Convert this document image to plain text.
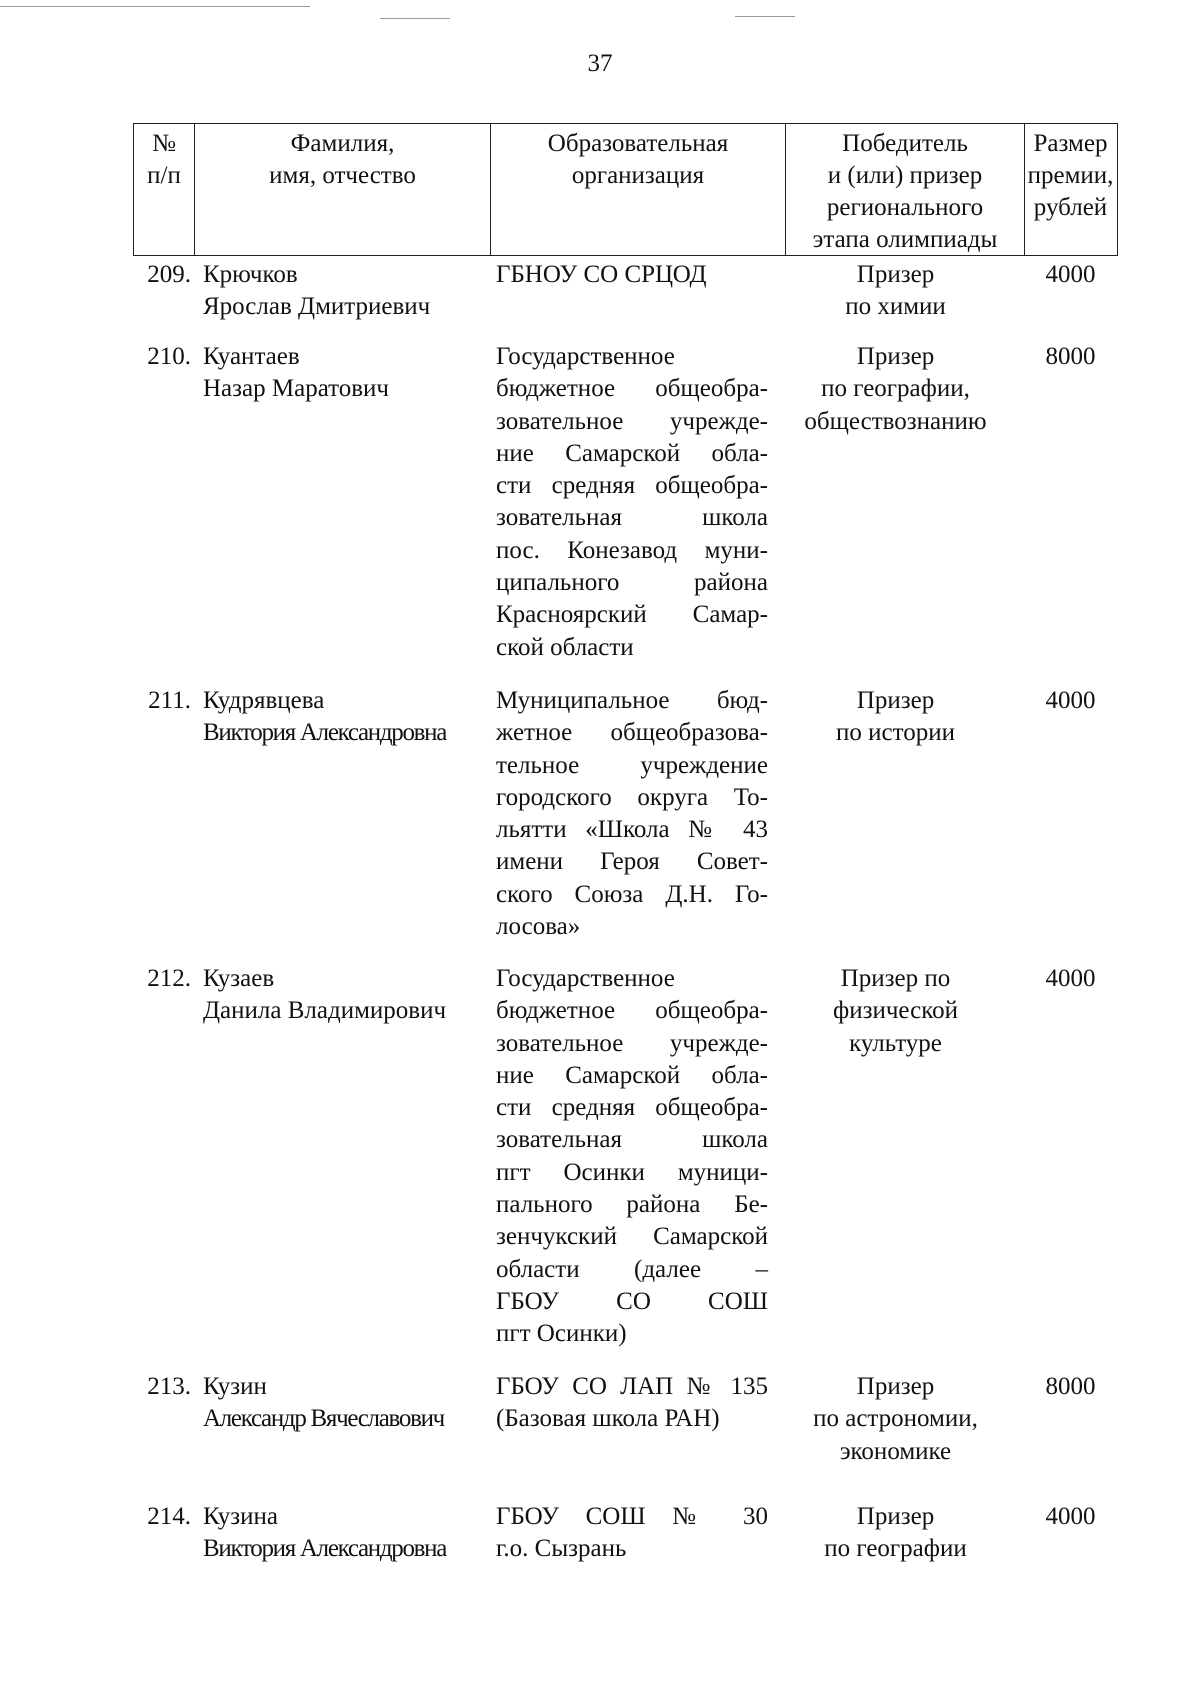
37
№
п/п
Фамилия,
имя, отчество
Образовательная
организация
Победитель
и (или) призер
регионального
этапа олимпиады
Размер
премии,
рублей
209. Крючков
Ярослав Дмитриевич
ГБНОУ СО СРЦОД	Призер
по химии
4000
210. Куантаев
Назар Маратович
Государственное
бюджетное общеобра-
зовательное учрежде-
ние Самарской обла-
сти средняя общеобра-
зовательная школа
пос. Конезавод муни-
ципального района
Красноярский Самар-
ской области
Призер
по географии,
обществознанию
8000
211. Кудрявцева
Виктория Александровна
Муниципальное бюд-
жетное общеобразова-
тельное учреждение
городского округа То-
льятти «Школа № 43
имени Героя Совет-
ского Союза Д.Н. Го-
лосова»
Призер
по истории
4000
212. Кузаев
Данила Владимирович
Государственное
бюджетное общеобра-
зовательное учрежде-
ние Самарской обла-
сти средняя общеобра-
зовательная школа
пгт Осинки муници-
пального района Бе-
зенчукский Самарской
области (далее –
ГБОУ СО СОШ
пгт Осинки)
Призер по
физической
культуре
4000
213. Кузин
Александр Вячеславович
ГБОУ СО ЛАП № 135
(Базовая школа РАН)
Призер
по астрономии,
экономике
8000
214. Кузина
Виктория Александровна
ГБОУ СОШ № 30
г.о. Сызрань
Призер
по географии
4000
